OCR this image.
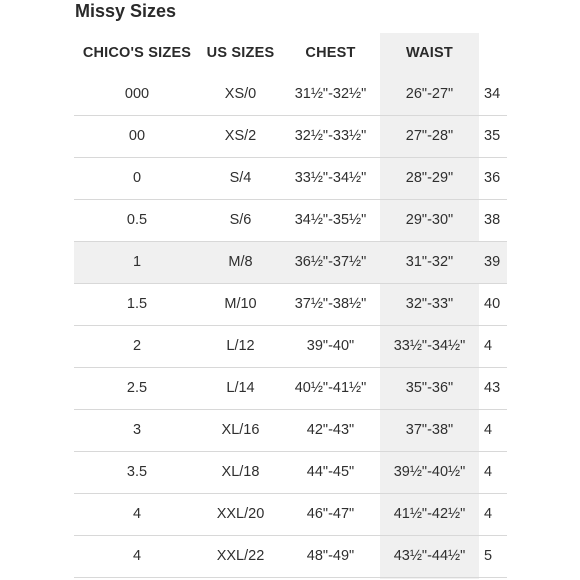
Missy Sizes
CHICO'S SIZES	US SIZES	CHEST	WAIST
000	XS/0	31½"-32½"	26"-27"	34
00	XS/2	32½"-33½"	27"-28"	35
0	S/4	33½"-34½"	28"-29"	36
0.5	S/6	34½"-35½"	29"-30"	38
1	M/8	36½"-37½"	31"-32"	39
1.5	M/10	37½"-38½"	32"-33"	40
2	L/12	39"-40"	33½"-34½"	4
2.5	L/14	40½"-41½"	35"-36"	43
3	XL/16	42"-43"	37"-38"	4
3.5	XL/18	44"-45"	39½"-40½"	4
4	XXL/20	46"-47"	41½"-42½"	4
4	XXL/22	48"-49"	43½"-44½"	5
